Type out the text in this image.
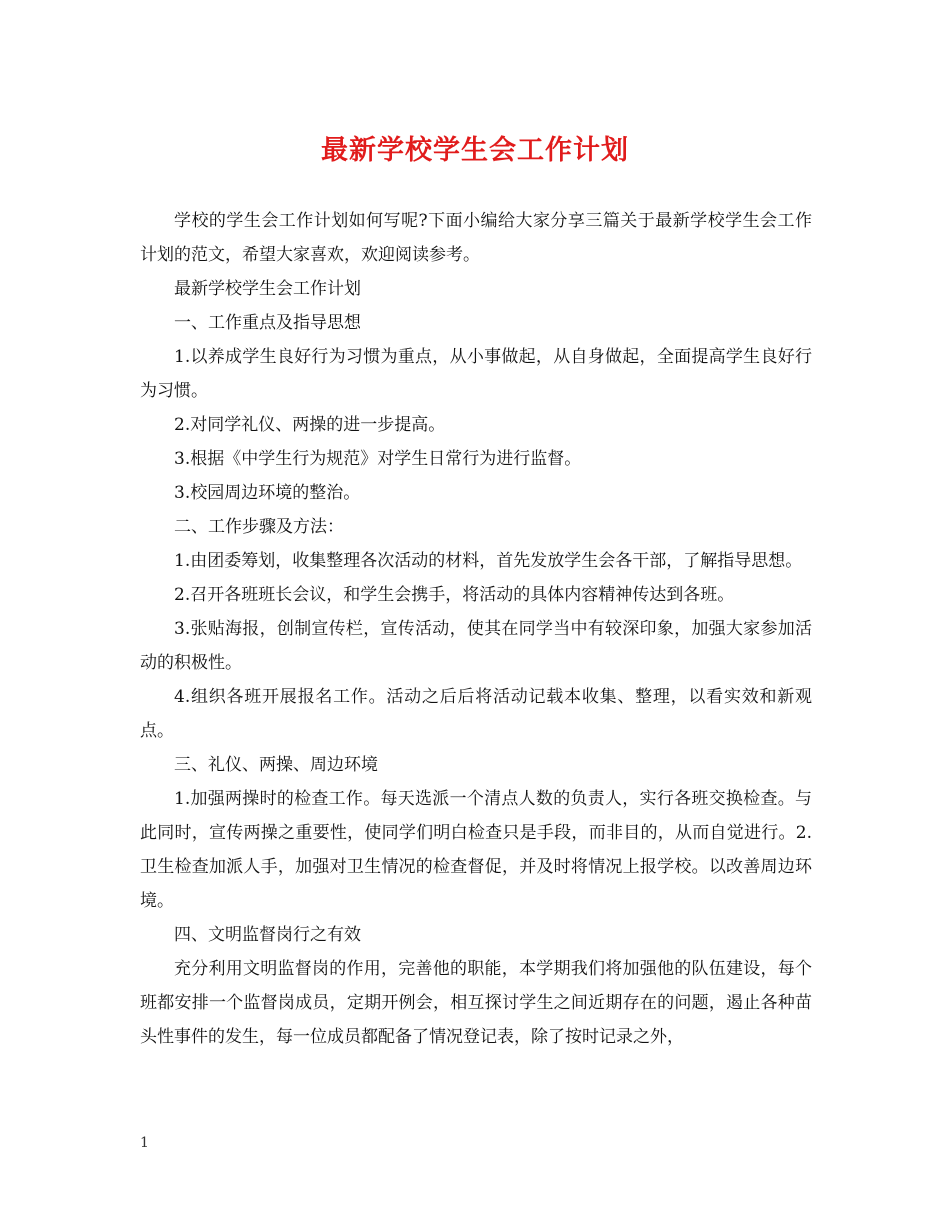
最新学校学生会工作计划

学校的学生会工作计划如何写呢?下面小编给大家分享三篇关于最新学校学生会工作计划的范文，希望大家喜欢，欢迎阅读参考。

最新学校学生会工作计划

一、工作重点及指导思想

1.以养成学生良好行为习惯为重点，从小事做起，从自身做起，全面提高学生良好行为习惯。

2.对同学礼仪、两操的进一步提高。

3.根据《中学生行为规范》对学生日常行为进行监督。

3.校园周边环境的整治。

二、工作步骤及方法：

1.由团委筹划，收集整理各次活动的材料，首先发放学生会各干部，了解指导思想。

2.召开各班班长会议，和学生会携手，将活动的具体内容精神传达到各班。

3.张贴海报，创制宣传栏，宣传活动，使其在同学当中有较深印象，加强大家参加活动的积极性。

4.组织各班开展报名工作。活动之后后将活动记载本收集、整理，以看实效和新观点。

三、礼仪、两操、周边环境

1.加强两操时的检查工作。每天选派一个清点人数的负责人，实行各班交换检查。与此同时，宣传两操之重要性，使同学们明白检查只是手段，而非目的，从而自觉进行。2.卫生检查加派人手，加强对卫生情况的检查督促，并及时将情况上报学校。以改善周边环境。

四、文明监督岗行之有效

充分利用文明监督岗的作用，完善他的职能，本学期我们将加强他的队伍建设，每个班都安排一个监督岗成员，定期开例会，相互探讨学生之间近期存在的问题，遏止各种苗头性事件的发生，每一位成员都配备了情况登记表，除了按时记录之外，

1
